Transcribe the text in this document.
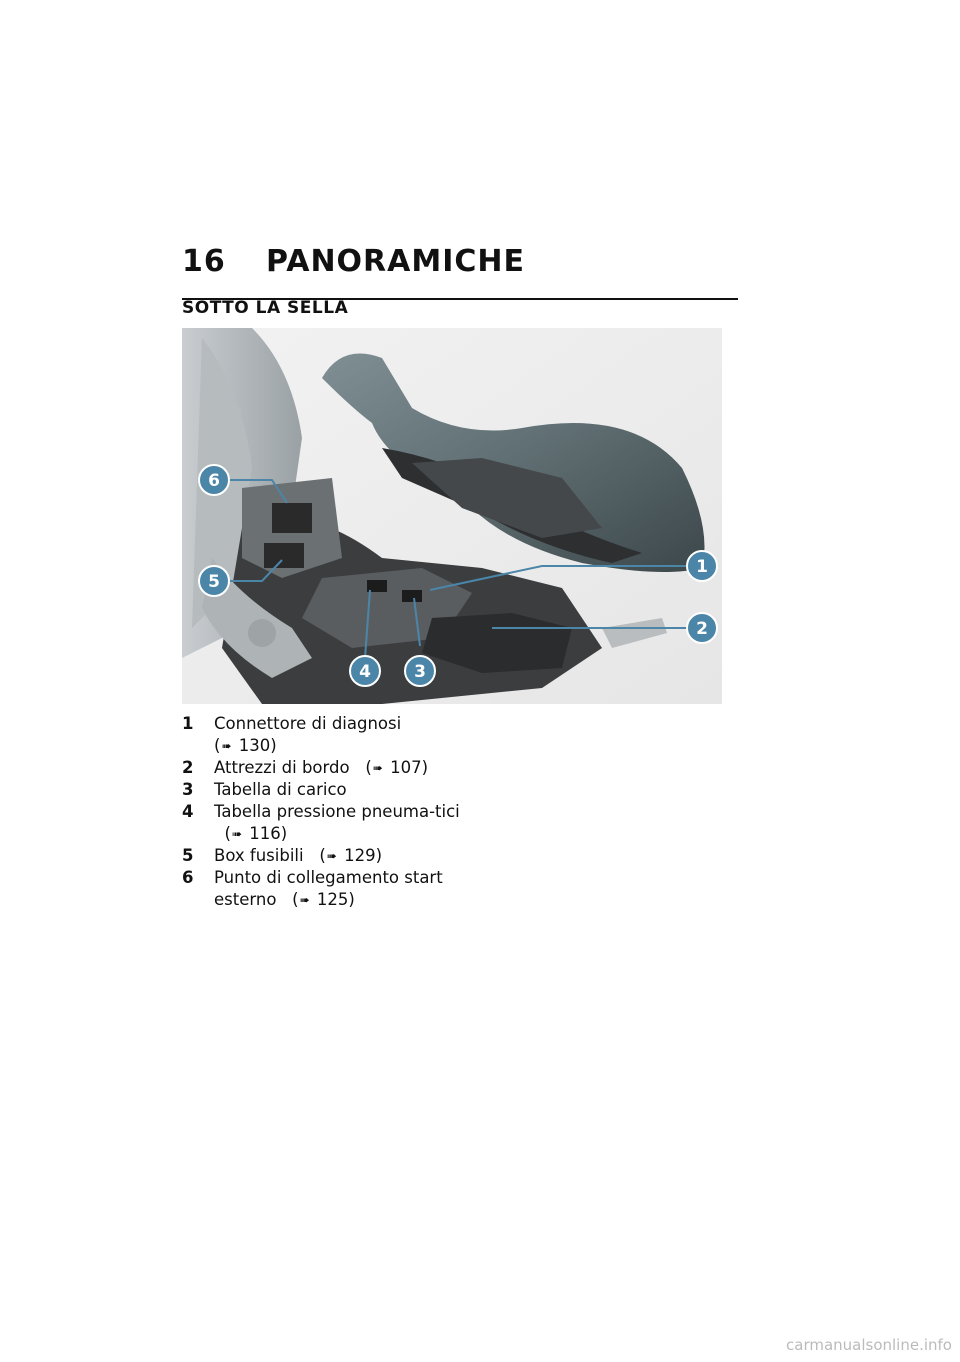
16 PANORAMICHE
SOTTO LA SELLA
6
5
1
2
4	3
1 Connettore di diagnosi
(➠ 130)
2 Attrezzi di bordo (➠ 107)
3 Tabella di carico
4 Tabella pressione pneuma-tici   (➠ 116)
5 Box fusibili (➠ 129)
6 Punto di collegamento start esterno (➠ 125)
carmanualsonline.info
